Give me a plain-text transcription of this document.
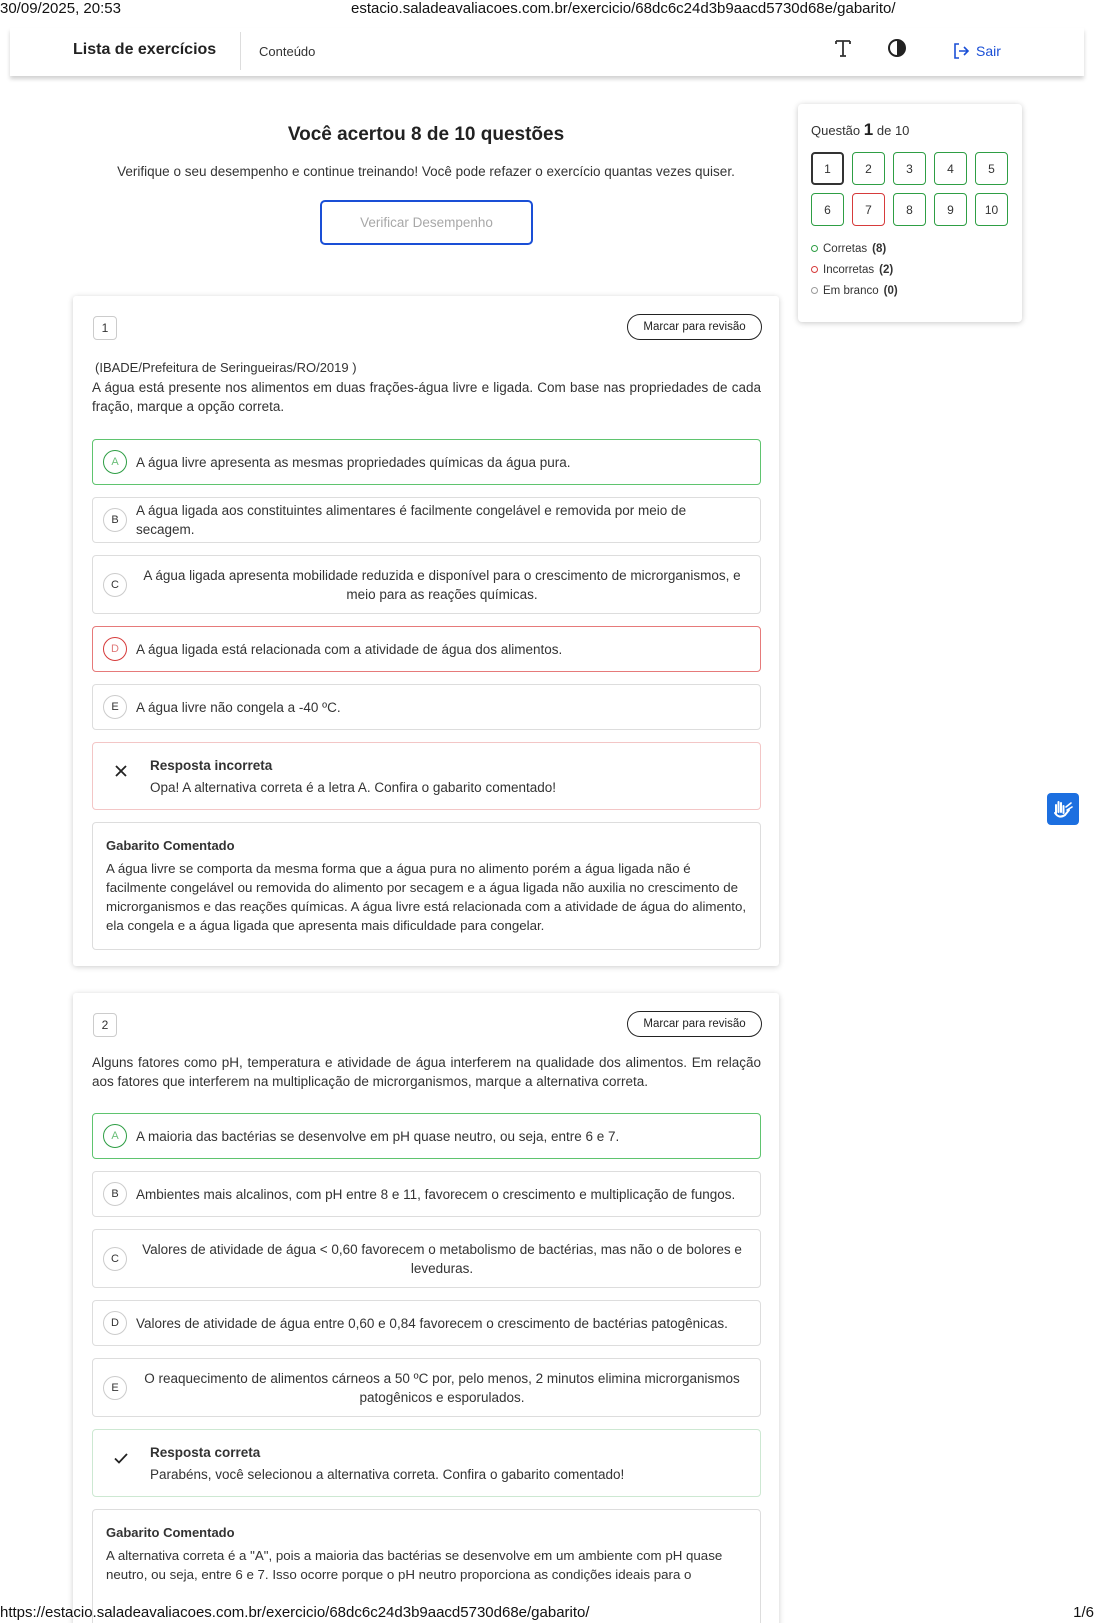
30/09/2025, 20:53	estacio.saladeavaliacoes.com.br/exercicio/68dc6c24d3b9aacd5730d68e/gabarito/
Lista de exercícios	Conteúdo	Sair
Você acertou 8 de 10 questões
Verifique o seu desempenho e continue treinando! Você pode refazer o exercício quantas vezes quiser.
Verificar Desempenho
Questão 1 de 10
1	2	3	4	5
6	7	8	9	10
Corretas (8)
Incorretas (2)
Em branco (0)
1	Marcar para revisão
(IBADE/Prefeitura de Seringueiras/RO/2019 )
A água está presente nos alimentos em duas frações-água livre e ligada. Com base nas propriedades de cada fração, marque a opção correta.
A	A água livre apresenta as mesmas propriedades químicas da água pura.
B
A água ligada aos constituintes alimentares é facilmente congelável e removida por meio de secagem.
C
A água ligada apresenta mobilidade reduzida e disponível para o crescimento de microrganismos, e meio para as reações químicas.
D	A água ligada está relacionada com a atividade de água dos alimentos.
E	A água livre não congela a -40 ºC.
Resposta incorreta
Opa! A alternativa correta é a letra A. Confira o gabarito comentado!
Gabarito Comentado
A água livre se comporta da mesma forma que a água pura no alimento porém a água ligada não é facilmente congelável ou removida do alimento por secagem e a água ligada não auxilia no crescimento de microrganismos e das reações químicas. A água livre está relacionada com a atividade de água do alimento, ela congela e a água ligada que apresenta mais dificuldade para congelar.
2	Marcar para revisão
Alguns fatores como pH, temperatura e atividade de água interferem na qualidade dos alimentos. Em relação aos fatores que interferem na multiplicação de microrganismos, marque a alternativa correta.
A	A maioria das bactérias se desenvolve em pH quase neutro, ou seja, entre 6 e 7.
B	Ambientes mais alcalinos, com pH entre 8 e 11, favorecem o crescimento e multiplicação de fungos.
C
Valores de atividade de água < 0,60 favorecem o metabolismo de bactérias, mas não o de bolores e leveduras.
D	Valores de atividade de água entre 0,60 e 0,84 favorecem o crescimento de bactérias patogênicas.
E
O reaquecimento de alimentos cárneos a 50 ºC por, pelo menos, 2 minutos elimina microrganismos patogênicos e esporulados.
Resposta correta
Parabéns, você selecionou a alternativa correta. Confira o gabarito comentado!
Gabarito Comentado
A alternativa correta é a "A", pois a maioria das bactérias se desenvolve em um ambiente com pH quase neutro, ou seja, entre 6 e 7. Isso ocorre porque o pH neutro proporciona as condições ideais para o
https://estacio.saladeavaliacoes.com.br/exercicio/68dc6c24d3b9aacd5730d68e/gabarito/	1/6
